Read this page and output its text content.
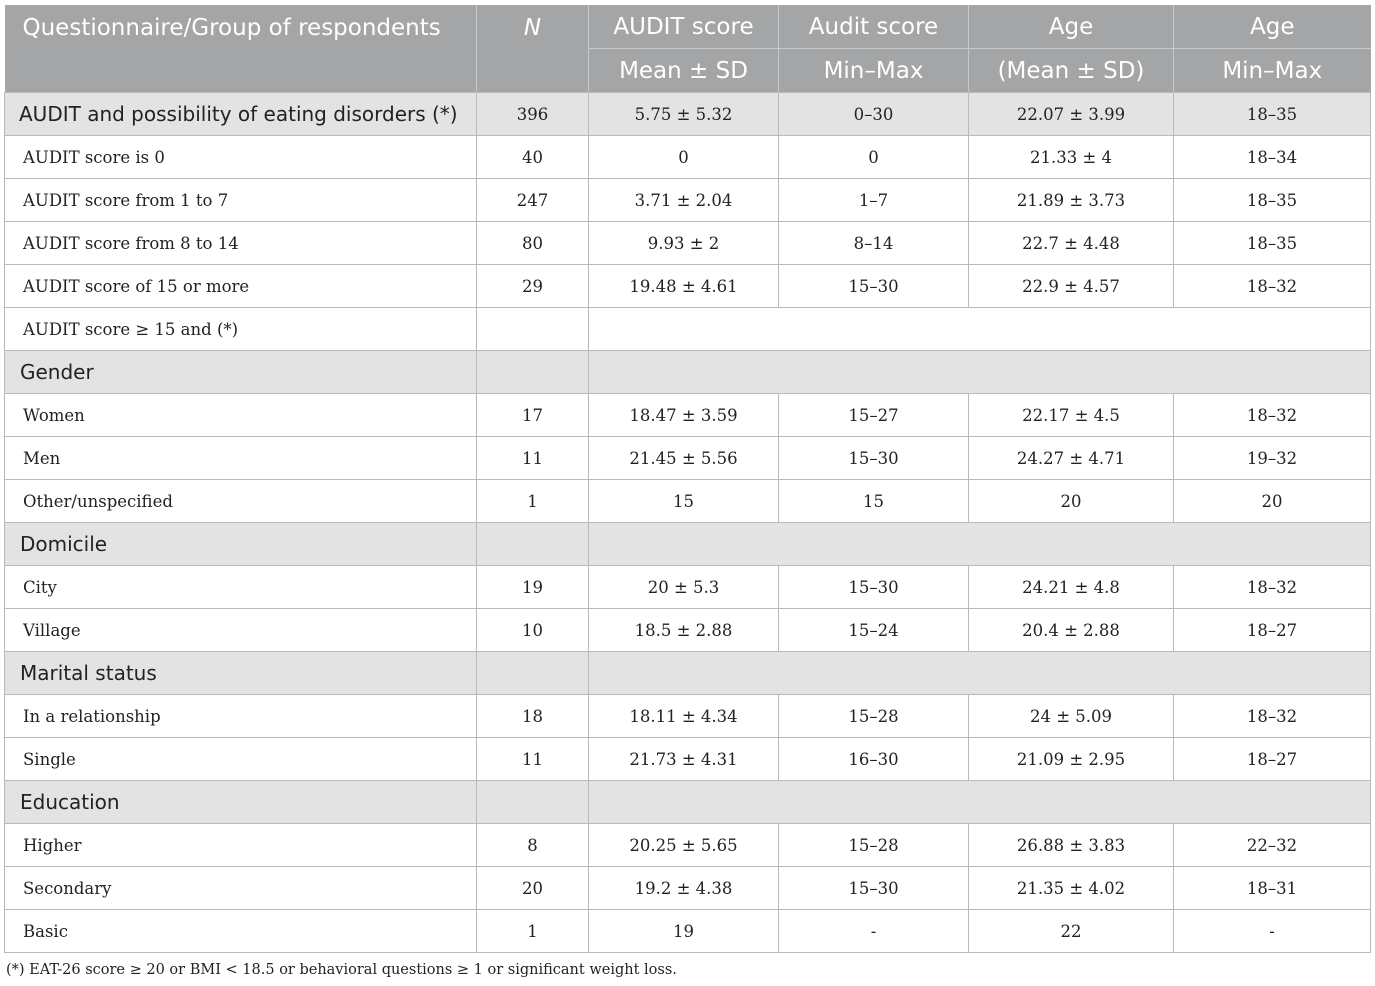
Questionnaire/Group of respondents	N	AUDIT score	Audit score	Age	Age
		Mean ± SD	Min–Max	(Mean ± SD)	Min–Max
AUDIT and possibility of eating disorders (*)	396	5.75 ± 5.32	0–30	22.07 ± 3.99	18–35
AUDIT score is 0	40	0	0	21.33 ± 4	18–34
AUDIT score from 1 to 7	247	3.71 ± 2.04	1–7	21.89 ± 3.73	18–35
AUDIT score from 8 to 14	80	9.93 ± 2	8–14	22.7 ± 4.48	18–35
AUDIT score of 15 or more	29	19.48 ± 4.61	15–30	22.9 ± 4.57	18–32
AUDIT score ≥ 15 and (*)					
Gender					
Women	17	18.47 ± 3.59	15–27	22.17 ± 4.5	18–32
Men	11	21.45 ± 5.56	15–30	24.27 ± 4.71	19–32
Other/unspecified	1	15	15	20	20
Domicile					
City	19	20 ± 5.3	15–30	24.21 ± 4.8	18–32
Village	10	18.5 ± 2.88	15–24	20.4 ± 2.88	18–27
Marital status					
In a relationship	18	18.11 ± 4.34	15–28	24 ± 5.09	18–32
Single	11	21.73 ± 4.31	16–30	21.09 ± 2.95	18–27
Education					
Higher	8	20.25 ± 5.65	15–28	26.88 ± 3.83	22–32
Secondary	20	19.2 ± 4.38	15–30	21.35 ± 4.02	18–31
Basic	1	19	-	22	-
(*) EAT-26 score ≥ 20 or BMI < 18.5 or behavioral questions ≥ 1 or significant weight loss.
